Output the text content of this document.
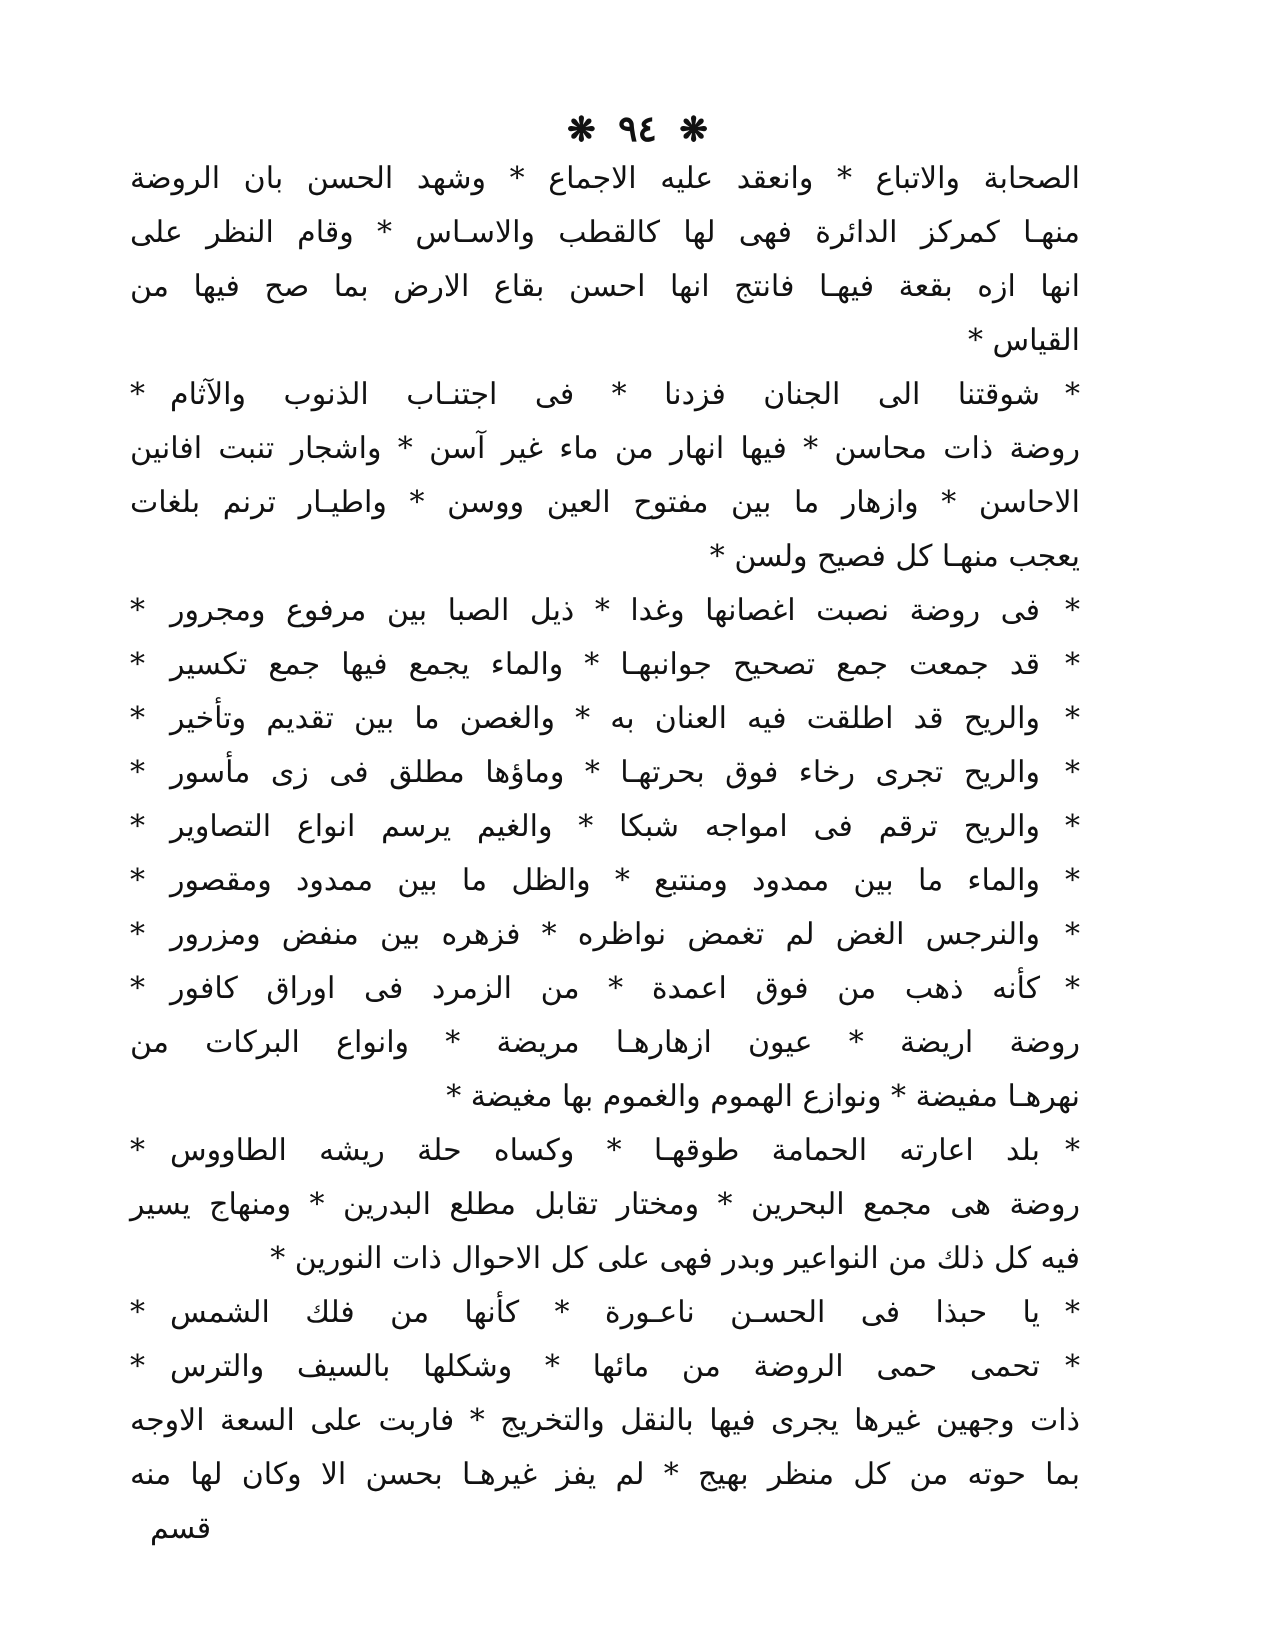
❋ ٩٤ ❋
الصحابة والاتباع * وانعقد عليه الاجماع * وشهد الحسن بان الروضة
منهـا كمركز الدائرة فهى لها كالقطب والاسـاس * وقام النظر على
انها ازه بقعة فيهـا فانتج انها احسن بقاع الارض بما صح فيها من
القياس *
*
شوقتنا الى الجنان فزدنا * فى اجتنـاب الذنوب والآثام
*
روضة ذات محاسن * فيها انهار من ماء غير آسن * واشجار تنبت افانين
الاحاسن * وازهار ما بين مفتوح العين ووسن * واطيـار ترنم بلغات
يعجب منهـا كل فصيح ولسن *
*
فى روضة نصبت اغصانها وغدا * ذيل الصبا بين مرفوع ومجرور
*
*
قد جمعت جمع تصحيح جوانبهـا * والماء يجمع فيها جمع تكسير
*
*
والريح قد اطلقت فيه العنان به * والغصن ما بين تقديم وتأخير
*
*
والريح تجرى رخاء فوق بحرتهـا * وماؤها مطلق فى زى مأسور
*
*
والريح ترقم فى امواجه شبكا * والغيم يرسم انواع التصاوير
*
*
والماء ما بين ممدود ومنتبع * والظل ما بين ممدود ومقصور
*
*
والنرجس الغض لم تغمض نواظره * فزهره بين منفض ومزرور
*
*
كأنه ذهب من فوق اعمدة * من الزمرد فى اوراق كافور
*
روضة اريضة * عيون ازهارهـا مريضة * وانواع البركات من
نهرهـا مفيضة * ونوازع الهموم والغموم بها مغيضة *
*
بلد اعارته الحمامة طوقهـا * وكساه حلة ريشه الطاووس
*
روضة هى مجمع البحرين * ومختار تقابل مطلع البدرين * ومنهاج يسير
فيه كل ذلك من النواعير وبدر فهى على كل الاحوال ذات النورين *
*
يا حبذا فى الحسـن ناعـورة * كأنها من فلك الشمس
*
*
تحمى حمى الروضة من مائها * وشكلها بالسيف والترس
*
ذات وجهين غيرها يجرى فيها بالنقل والتخريج * فاربت على السعة الاوجه
بما حوته من كل منظر بهيج * لم يفز غيرهـا بحسن الا وكان لها منه
قسم
